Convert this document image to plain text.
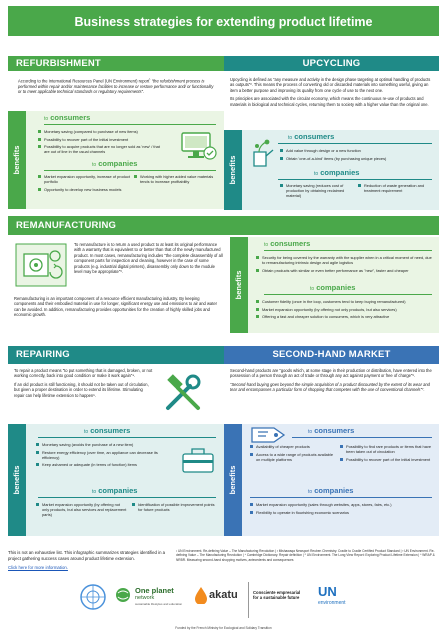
Business strategies for extending product lifetime
REFURBISHMENT
According to the International Resources Panel (UN Environment) report$^{^1}$ "the refurbishment process is performed within repair and/or maintenance facilities to increase or restore performance and/ or functionality or to meet applicable technical standards or regulatory requirements".
benefits
to consumers
Monetary saving (compared to purchase of new items)
Possibility to recover part of the initial investment
Possibility to acquire products that are no longer sold as 'new' / that are out of line in the usual channels
to companies
Market expansion opportunity, increase of product portfolio
Opportunity to develop new business models
Working with higher added value materials tends to increase profitability
UPCYCLING

Upcycling is defined as "any measure and activity in the design phase targeting at optimal handling of products as outputs"². This means the process of converting old or discarded materials into something useful, giving an item a better purpose and improving its quality from one cycle of use to the next one.

Its principles are associated with the circular economy, which means the continuous re-use of products and materials in biological and technical cycles, returning them to society with a higher value than the original one.

benefits
to consumers
Add value through design or a new function
Obtain 'one-of-a-kind' items (by purchasing unique pieces)
to companies
Monetary saving (reduces cost of production by obtaining reclaimed material)
Reduction of waste generation and treatment requirement
REMANUFACTURING

To remanufacture is to return a used product to at least its original performance with a warranty that is equivalent to or better than that of the newly manufactured product. In most cases, remanufacturing includes "the complete disassembly of all component parts for inspection and cleaning, however in the case of some products (e.g. industrial digital printers), disassembly only down to the module level may be appropriate"³.

Remanufacturing is an important component of a resource efficient manufacturing industry. By keeping components and their embodied material in use for longer, significant energy use and emissions to air and water can be avoided. In addition, remanufacturing provides opportunities for the creation of highly skilled jobs and economic growth.

benefits
to consumers
Security for being covered by the warranty with the supplier when in a critical moment of need, due to remanufacturing intrinsic design and agile logistics
Obtain products with similar or even better performance as "new", faster and cheaper
to companies
Customer fidelity (once in the loop, customers tend to keep buying remanufactured)
Market expansion opportunity (by offering not only products, but also services)
Offering a fast and cheaper solution to consumers, which is very attractive
REPAIRING

To repair a product means "to put something that is damaged, broken, or not working correctly, back into good condition or make it work again"⁴.

If an old product is still functioning, it should not be taken out of circulation, but given a proper destination in order to extend its lifetime. Stimulating repair can help lifetime extension to happen⁵.

benefits
to consumers
Monetary saving (avoids the purchase of a new item)
Restore energy efficiency (over time, an appliance can decrease its efficiency)
Keep ashamed or adequate (in terms of function) items
to companies
Market expansion opportunity (by offering not only products, but also services and replacement parts)
Identification of possible improvement points for future products
SECOND-HAND MARKET

Second-hand products are "goods which, at some stage in their production or distribution, have entered into the possession of a person through an act of trade or through any act against payment or free of charge"⁶.

"Second-hand buying goes beyond the simple acquisition of a product discounted by the extent of its wear and tear and encompasses a particular form of shopping that competes with the use of conventional channels"⁷.

benefits
to consumers
Availability of cheaper products
Access to a wide range of products available on multiple platforms
Possibility to find rare products or items that have been taken out of circulation
Possibility to recover part of the initial investment
to companies
Market expansion opportunity (sales through websites, apps, stores, fairs, etc.)
Flexibility to operate in flourishing economic scenarios

This is not an exhaustive list. This infographic summarizes strategies identified in a project gathering success cases around product lifetime extension.

Click here for more information.

¹ UN Environment. Re-defining Value – The Manufacturing Revolution | ² Mishawaqa Newsport Reuben Chemistry. Cradle to Cradle Certified Product Standard | ³ UN Environment. Re-defining Value – The Manufacturing Revolution | ⁴ Cambridge Dictionary. Repair definition | ⁵ UN Environment. The Long View Report: Exploring Product Lifetime Extension | ⁶ WRAP & NRBR. Measuring second-hand shopping motives, antecedents and consequences
One planet
network
sustainable lifestyles and education
akatu	Consciente empresarial
for a sustainable future	UN
environment
Funded by the French Ministry for Ecological and Solidary Transition
